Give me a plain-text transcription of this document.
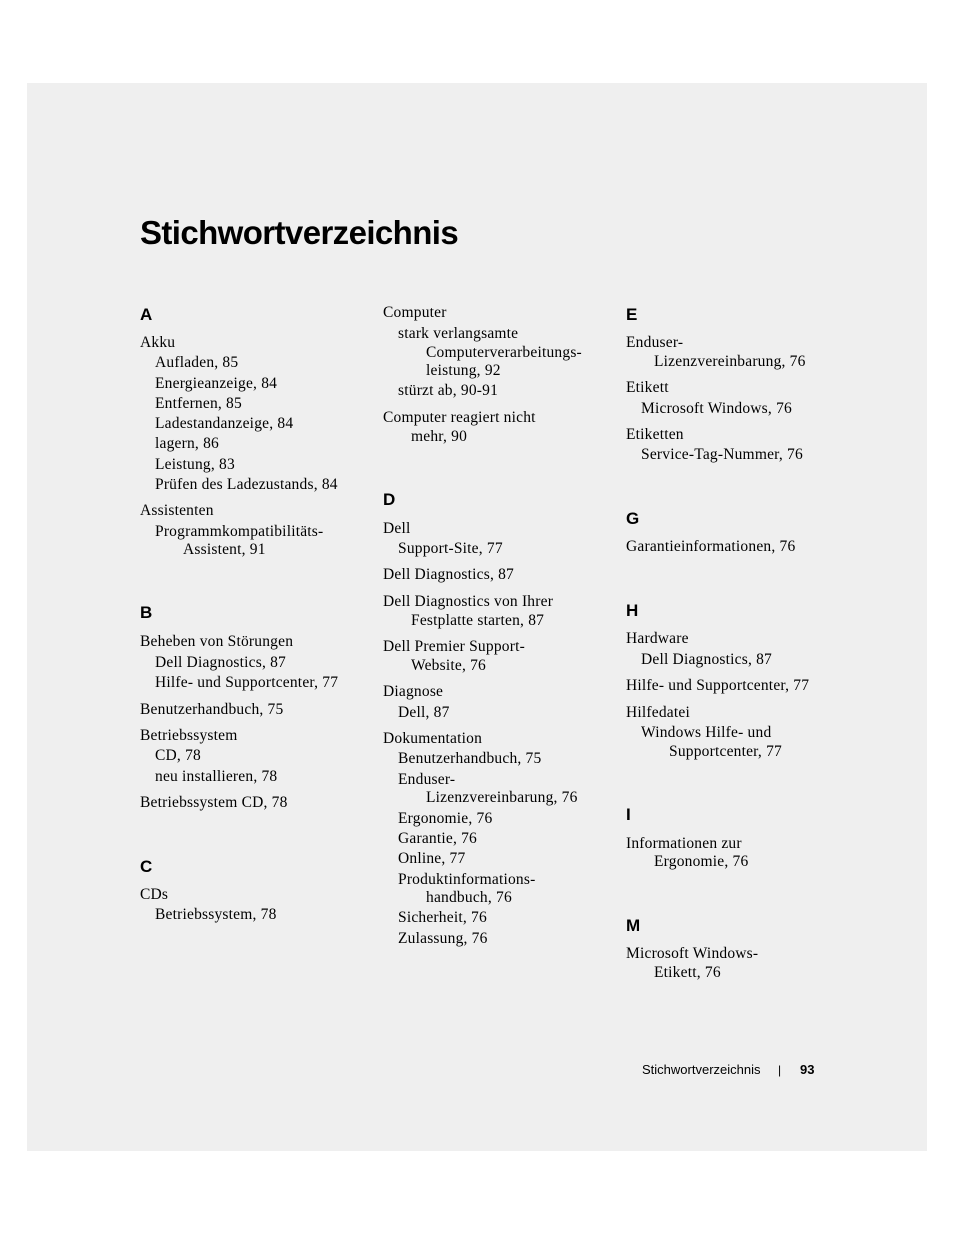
Stichwortverzeichnis
A
Akku
Aufladen, 85
Energieanzeige, 84
Entfernen, 85
Ladestandanzeige, 84
lagern, 86
Leistung, 83
Prüfen des Ladezustands, 84
Assistenten
Programmkompatibilitäts-
Assistent, 91
B
Beheben von Störungen
Dell Diagnostics, 87
Hilfe- und Supportcenter, 77
Benutzerhandbuch, 75
Betriebssystem
CD, 78
neu installieren, 78
Betriebssystem CD, 78
C
CDs
Betriebssystem, 78
Computer
stark verlangsamte
Computerverarbeitungs-
leistung, 92
stürzt ab, 90-91
Computer reagiert nicht
mehr, 90
D
Dell
Support-Site, 77
Dell Diagnostics, 87
Dell Diagnostics von Ihrer
Festplatte starten, 87
Dell Premier Support-
Website, 76
Diagnose
Dell, 87
Dokumentation
Benutzerhandbuch, 75
Enduser-
Lizenzvereinbarung, 76
Ergonomie, 76
Garantie, 76
Online, 77
Produktinformations-
handbuch, 76
Sicherheit, 76
Zulassung, 76
E
Enduser-
Lizenzvereinbarung, 76
Etikett
Microsoft Windows, 76
Etiketten
Service-Tag-Nummer, 76
G
Garantieinformationen, 76
H
Hardware
Dell Diagnostics, 87
Hilfe- und Supportcenter, 77
Hilfedatei
Windows Hilfe- und
Supportcenter, 77
I
Informationen zur
Ergonomie, 76
M
Microsoft Windows-
Etikett, 76
Stichwortverzeichnis | 93
